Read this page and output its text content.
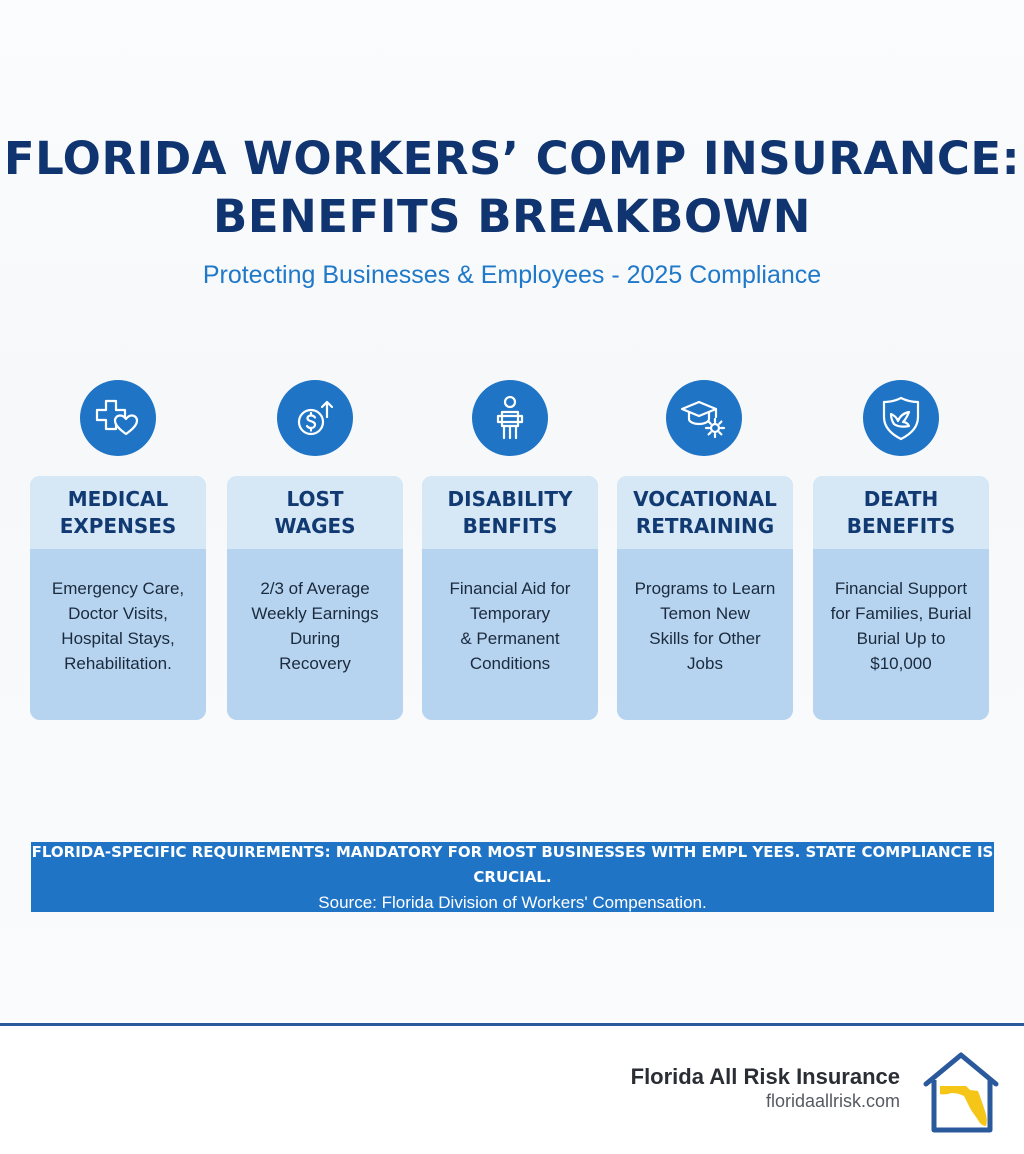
FLORIDA WORKERS’ COMP INSURANCE:
BENEFITS BREAKBOWN
Protecting Businesses & Employees - 2025 Compliance
MEDICAL
EXPENSES
Emergency Care,
Doctor Visits,
Hospital Stays,
Rehabilitation.
LOST
WAGES
2/3 of Average
Weekly Earnings
During
Recovery
DISABILITY
BENFITS
Financial Aid for
Temporary
& Permanent
Conditions
VOCATIONAL
RETRAINING
Programs to Learn
Temon New
Skills for Other
Jobs
DEATH
BENEFITS
Financial Support
for Families, Burial
Burial Up to
$10,000
FLORIDA-SPECIFIC REQUIREMENTS: MANDATORY FOR MOST BUSINESSES WITH EMPL YEES. STATE COMPLIANCE IS CRUCIAL.
Source: Florida Division of Workers' Compensation.
Florida All Risk Insurance
floridaallrisk.com
